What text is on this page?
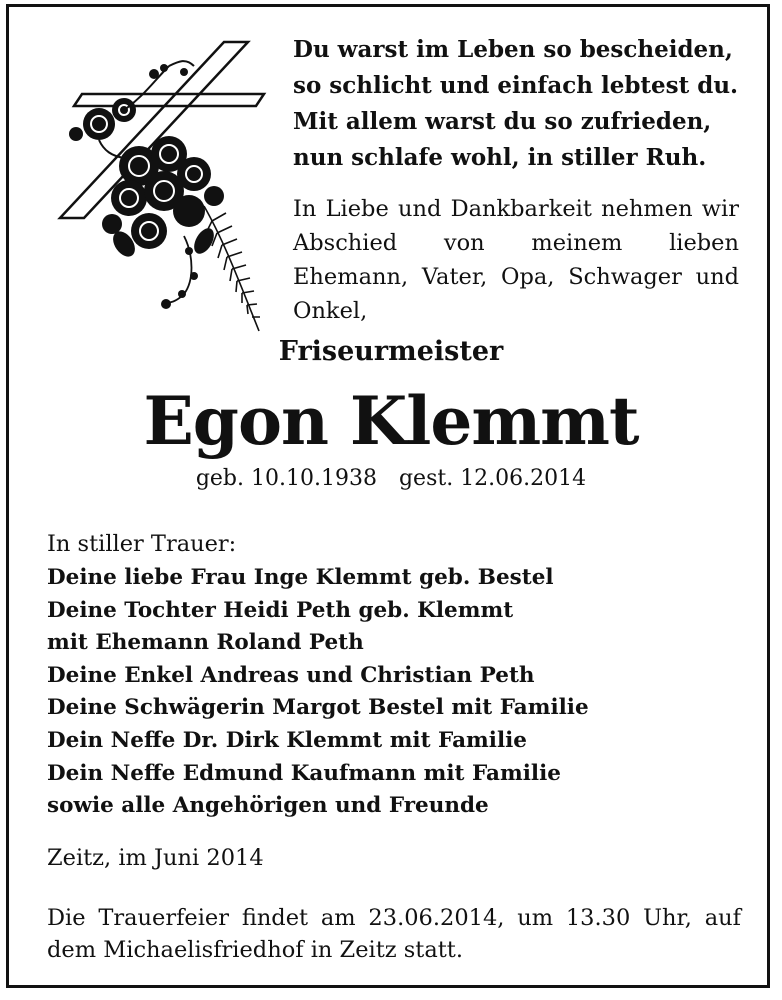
Du warst im Leben so bescheiden,
so schlicht und einfach lebtest du.
Mit allem warst du so zufrieden,
nun schlafe wohl, in stiller Ruh.
In Liebe und Dankbarkeit nehmen wir Abschied von meinem lieben Ehemann, Vater, Opa, Schwager und Onkel,
Friseurmeister
Egon Klemmt
geb. 10.10.1938 gest. 12.06.2014
In stiller Trauer:
Deine liebe Frau Inge Klemmt geb. Bestel
Deine Tochter Heidi Peth geb. Klemmt
mit Ehemann Roland Peth
Deine Enkel Andreas und Christian Peth
Deine Schwägerin Margot Bestel mit Familie
Dein Neffe Dr. Dirk Klemmt mit Familie
Dein Neffe Edmund Kaufmann mit Familie
sowie alle Angehörigen und Freunde
Zeitz, im Juni 2014
Die Trauerfeier findet am 23.06.2014, um 13.30 Uhr, auf dem Michaelisfriedhof in Zeitz statt.
